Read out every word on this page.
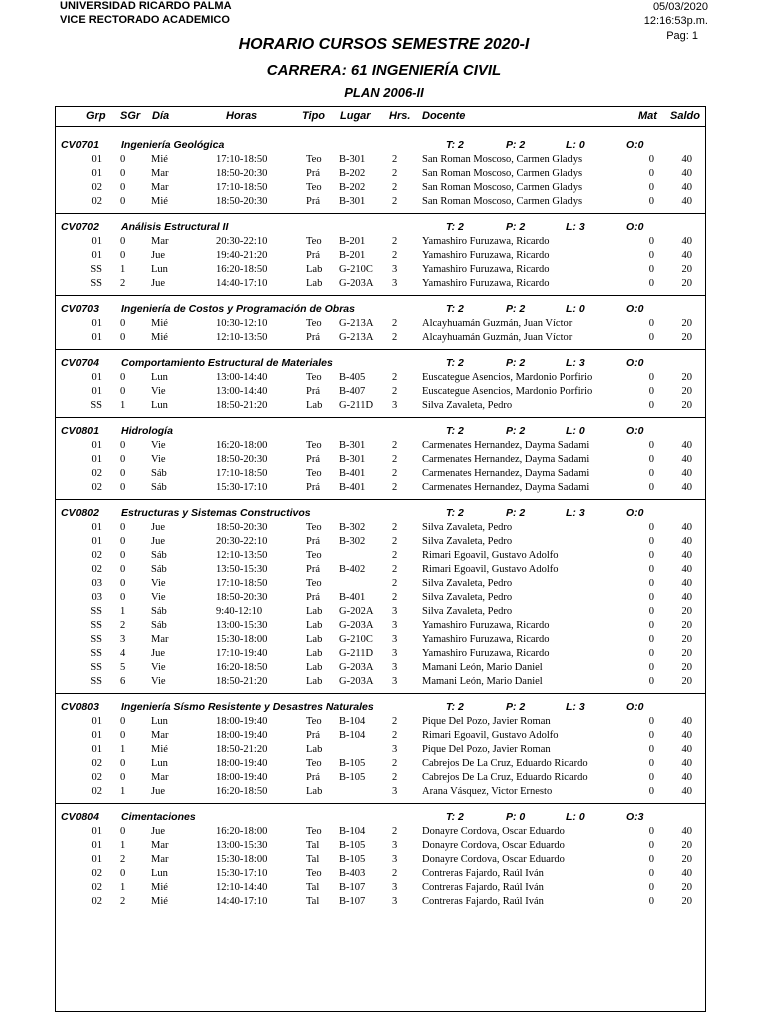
UNIVERSIDAD RICARDO PALMA
VICE RECTORADO ACADEMICO
05/03/2020
12:16:53p.m.
Pag: 1
HORARIO CURSOS SEMESTRE 2020-I
CARRERA: 61 INGENIERÍA CIVIL
PLAN 2006-II
Grp SGr Día	Horas	Tipo Lugar Hrs. Docente	Mat Saldo
CV0701 Ingeniería Geológica	T: 2	P: 2	L: 0	O:0
01 0 Mié	17:10-18:50	Teo B-301	2 San Roman Moscoso, Carmen Gladys	0	40
01 0 Mar	18:50-20:30	Prá B-202	2 San Roman Moscoso, Carmen Gladys	0	40
02 0 Mar	17:10-18:50	Teo B-202	2 San Roman Moscoso, Carmen Gladys	0	40
02 0 Mié	18:50-20:30	Prá B-301	2 San Roman Moscoso, Carmen Gladys	0	40
CV0702 Análisis Estructural II	T: 2	P: 2	L: 3	O:0
01 0 Mar	20:30-22:10	Teo B-201	2 Yamashiro Furuzawa, Ricardo	0	40
01 0 Jue	19:40-21:20	Prá B-201	2 Yamashiro Furuzawa, Ricardo	0	40
SS 1 Lun	16:20-18:50	Lab G-210C 3 Yamashiro Furuzawa, Ricardo	0	20
SS 2 Jue	14:40-17:10	Lab G-203A 3 Yamashiro Furuzawa, Ricardo	0	20
CV0703 Ingeniería de Costos y Programación de Obras	T: 2	P: 2	L: 0	O:0
01 0 Mié	10:30-12:10	Teo G-213A 2 Alcayhuamán Guzmán, Juan Víctor	0	20
01 0 Mié	12:10-13:50	Prá G-213A 2 Alcayhuamán Guzmán, Juan Víctor	0	20
CV0704 Comportamiento Estructural de Materiales	T: 2	P: 2	L: 3	O:0
01 0 Lun	13:00-14:40	Teo B-405	2 Euscategue Asencios, Mardonio Porfirio	0	20
01 0 Vie	13:00-14:40	Prá B-407	2 Euscategue Asencios, Mardonio Porfirio	0	20
SS 1 Lun	18:50-21:20	Lab G-211D 3 Silva Zavaleta, Pedro	0	20
CV0801 Hidrología	T: 2	P: 2	L: 0	O:0
01 0 Vie	16:20-18:00	Teo B-301	2 Carmenates Hernandez, Dayma Sadami	0	40
01 0 Vie	18:50-20:30	Prá B-301	2 Carmenates Hernandez, Dayma Sadami	0	40
02 0 Sáb	17:10-18:50	Teo B-401	2 Carmenates Hernandez, Dayma Sadami	0	40
02 0 Sáb	15:30-17:10	Prá B-401	2 Carmenates Hernandez, Dayma Sadami	0	40
CV0802 Estructuras y Sistemas Constructivos	T: 2	P: 2	L: 3	O:0
01 0 Jue	18:50-20:30	Teo B-302	2 Silva Zavaleta, Pedro	0	40
01 0 Jue	20:30-22:10	Prá B-302	2 Silva Zavaleta, Pedro	0	40
02 0 Sáb	12:10-13:50	Teo	2 Rimari Egoavil, Gustavo Adolfo	0	40
02 0 Sáb	13:50-15:30	Prá B-402	2 Rimari Egoavil, Gustavo Adolfo	0	40
03 0 Vie	17:10-18:50	Teo	2 Silva Zavaleta, Pedro	0	40
03 0 Vie	18:50-20:30	Prá B-401	2 Silva Zavaleta, Pedro	0	40
SS 1 Sáb	9:40-12:10	Lab G-202A 3 Silva Zavaleta, Pedro	0	20
SS 2 Sáb	13:00-15:30	Lab G-203A 3 Yamashiro Furuzawa, Ricardo	0	20
SS 3 Mar	15:30-18:00	Lab G-210C 3 Yamashiro Furuzawa, Ricardo	0	20
SS 4 Jue	17:10-19:40	Lab G-211D 3 Yamashiro Furuzawa, Ricardo	0	20
SS 5 Vie	16:20-18:50	Lab G-203A 3 Mamani León, Mario Daniel	0	20
SS 6 Vie	18:50-21:20	Lab G-203A 3 Mamani León, Mario Daniel	0	20
CV0803 Ingeniería Sísmo Resistente y Desastres Naturales	T: 2	P: 2	L: 3	O:0
01 0 Lun	18:00-19:40	Teo B-104	2 Pique Del Pozo, Javier Roman	0	40
01 0 Mar	18:00-19:40	Prá B-104	2 Rimari Egoavil, Gustavo Adolfo	0	40
01 1 Mié	18:50-21:20	Lab	3 Pique Del Pozo, Javier Roman	0	40
02 0 Lun	18:00-19:40	Teo B-105	2 Cabrejos De La Cruz, Eduardo Ricardo	0	40
02 0 Mar	18:00-19:40	Prá B-105	2 Cabrejos De La Cruz, Eduardo Ricardo	0	40
02 1 Jue	16:20-18:50	Lab	3 Arana Vásquez, Victor Ernesto	0	40
CV0804 Cimentaciones	T: 2	P: 0	L: 0	O:3
01 0 Jue	16:20-18:00	Teo B-104	2 Donayre Cordova, Oscar Eduardo	0	40
01 1 Mar	13:00-15:30	Tal B-105	3 Donayre Cordova, Oscar Eduardo	0	20
01 2 Mar	15:30-18:00	Tal B-105	3 Donayre Cordova, Oscar Eduardo	0	20
02 0 Lun	15:30-17:10	Teo B-403	2 Contreras Fajardo, Raúl Iván	0	40
02 1 Mié	12:10-14:40	Tal B-107	3 Contreras Fajardo, Raúl Iván	0	20
02 2 Mié	14:40-17:10	Tal B-107	3 Contreras Fajardo, Raúl Iván	0	20
